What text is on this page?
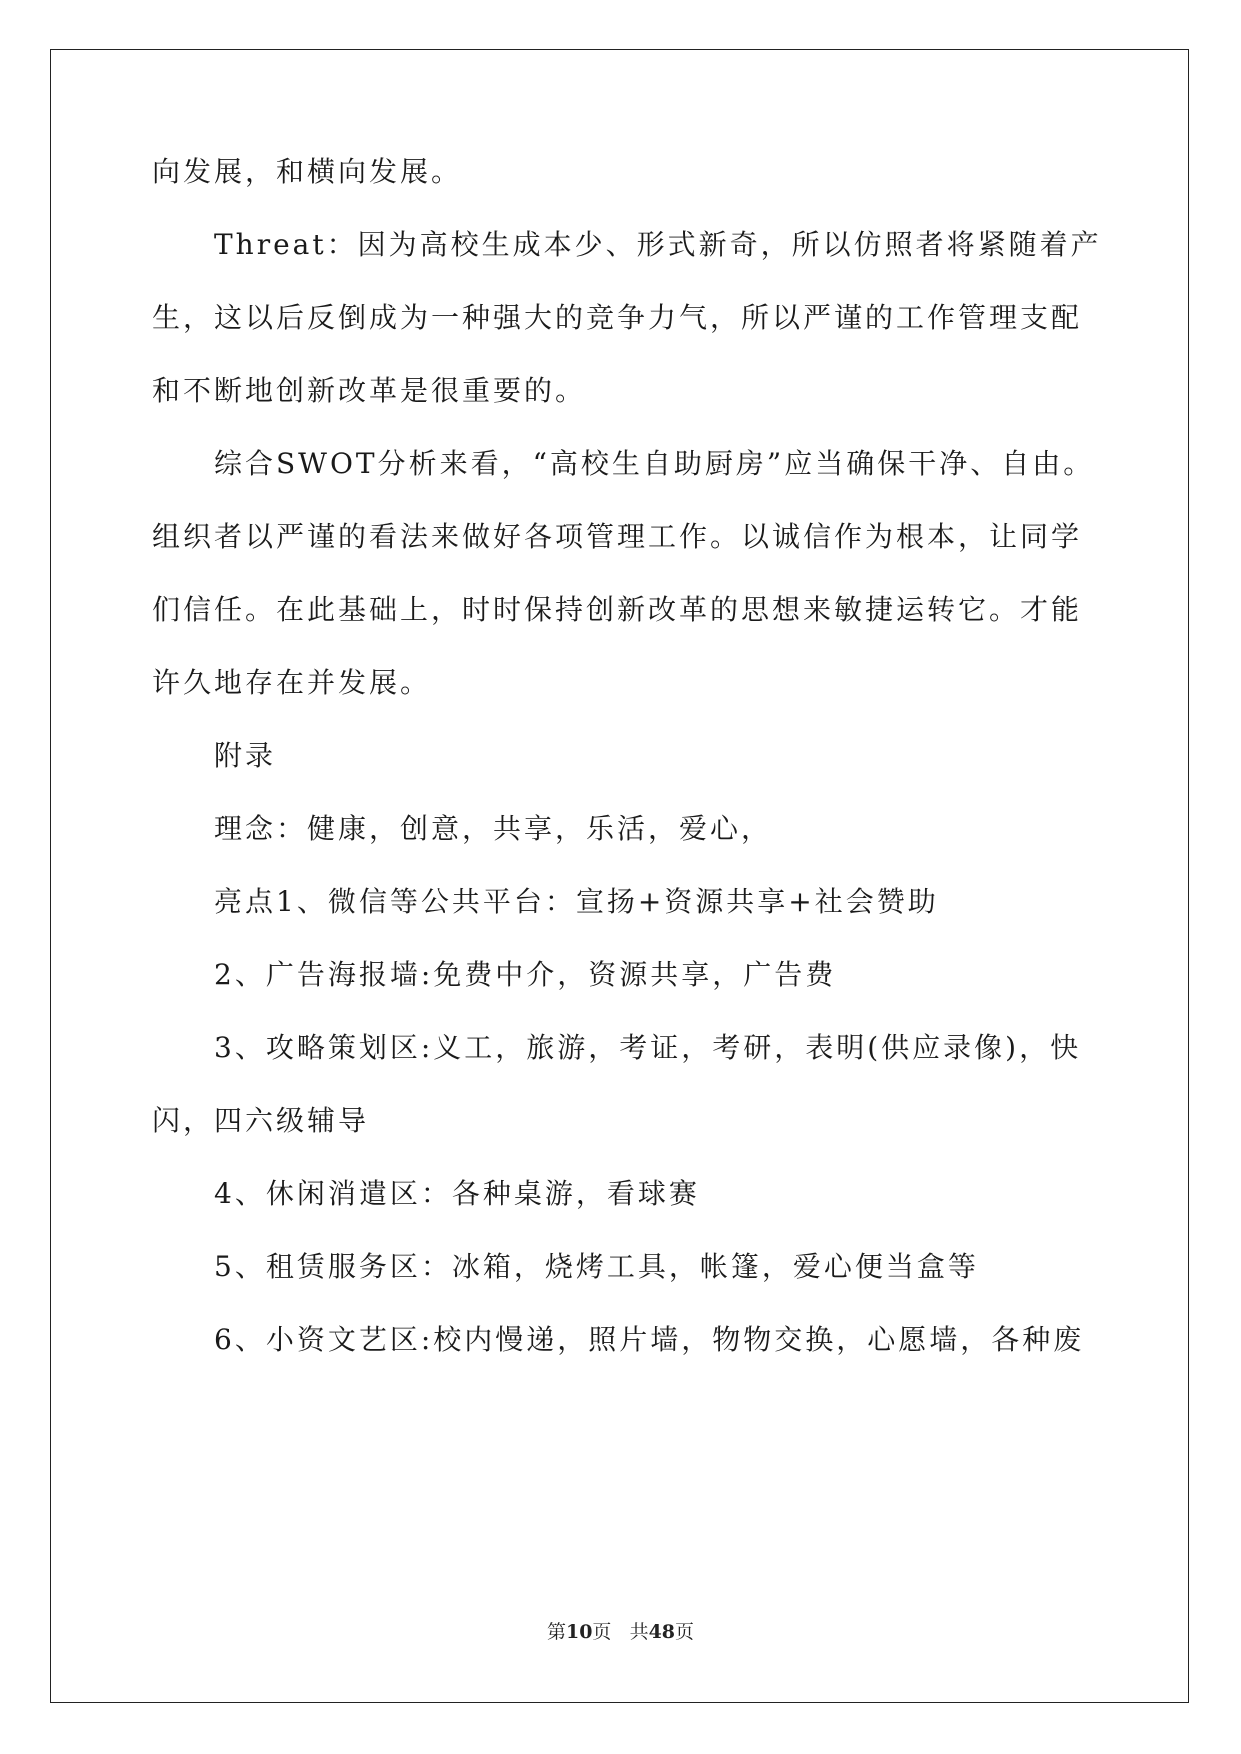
向发展，和横向发展。
Threat：因为高校生成本少、形式新奇，所以仿照者将紧随着产
生，这以后反倒成为一种强大的竞争力气，所以严谨的工作管理支配
和不断地创新改革是很重要的。
综合SWOT分析来看，“高校生自助厨房”应当确保干净、自由。
组织者以严谨的看法来做好各项管理工作。以诚信作为根本，让同学
们信任。在此基础上，时时保持创新改革的思想来敏捷运转它。才能
许久地存在并发展。
附录
理念：健康，创意，共享，乐活，爱心，
亮点1、微信等公共平台：宣扬+资源共享+社会赞助
2、广告海报墙:免费中介，资源共享，广告费
3、攻略策划区:义工，旅游，考证，考研，表明(供应录像)，快
闪，四六级辅导
4、休闲消遣区：各种桌游，看球赛
5、租赁服务区：冰箱，烧烤工具，帐篷，爱心便当盒等
6、小资文艺区:校内慢递，照片墙，物物交换，心愿墙，各种废
第10页 共48页
